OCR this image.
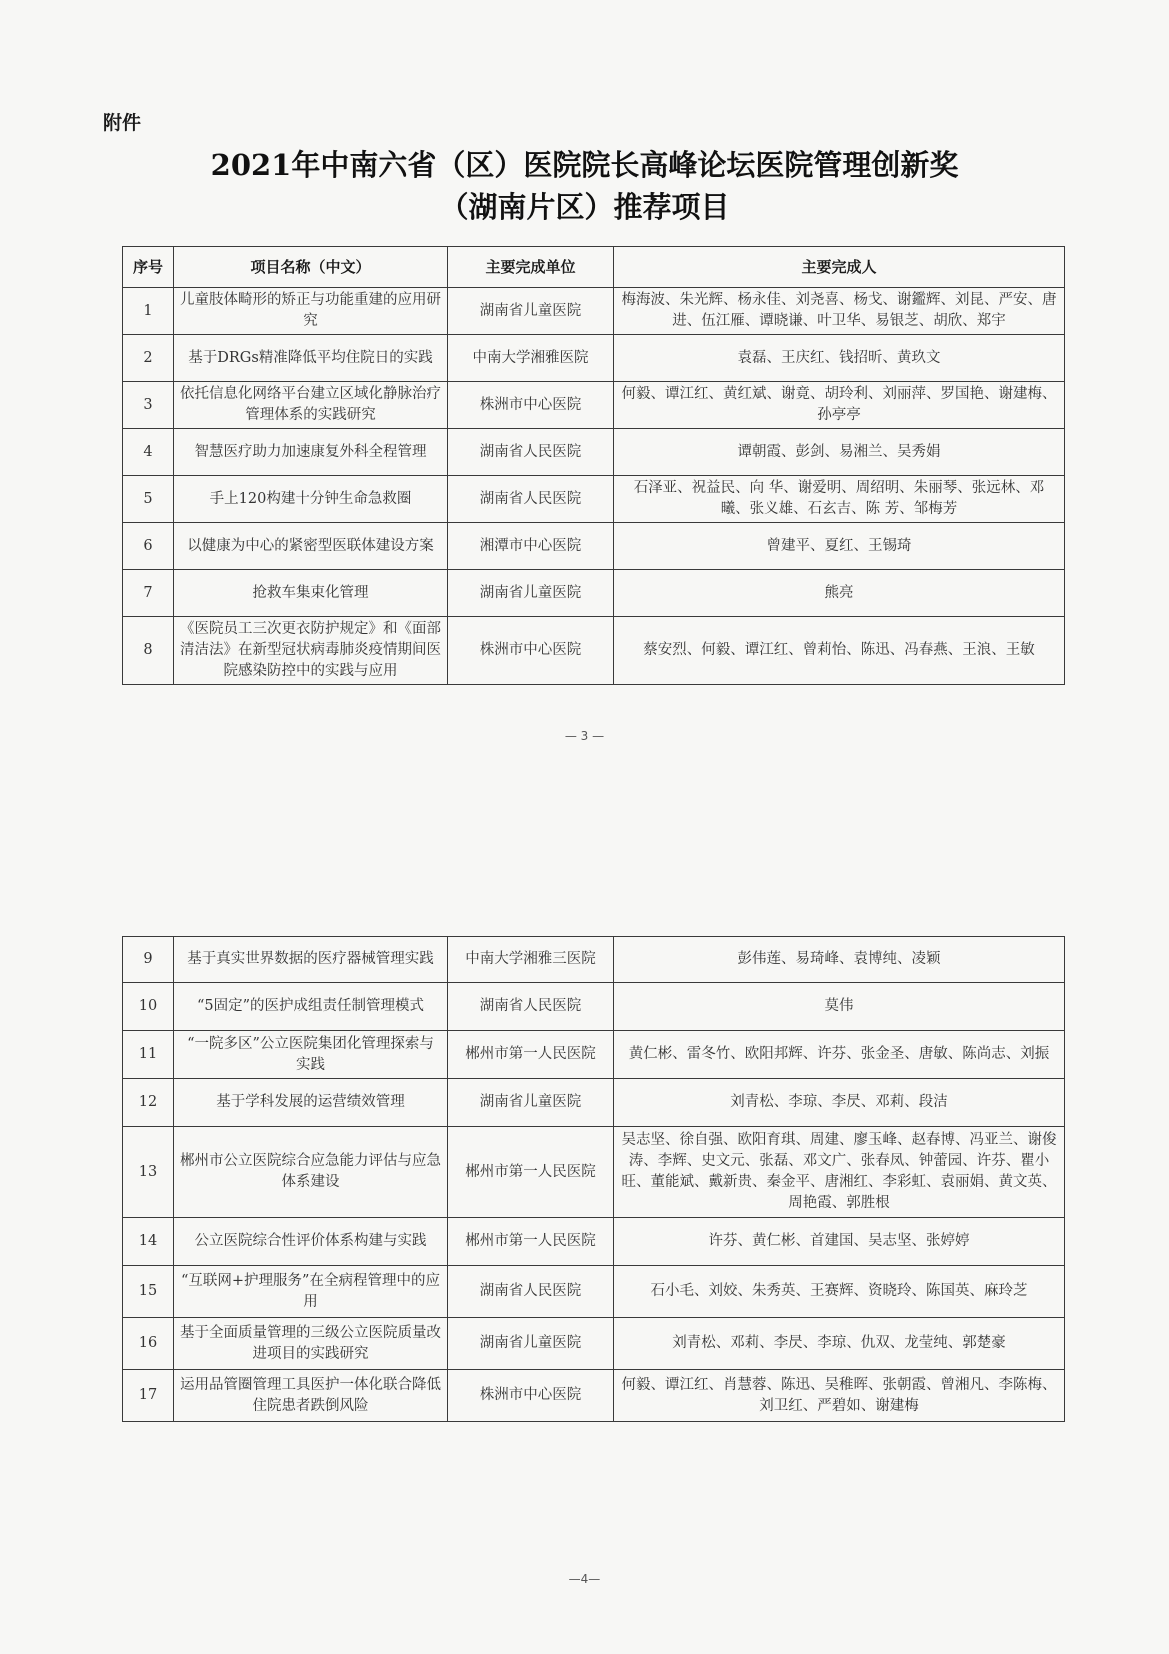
附件
2021年中南六省（区）医院院长高峰论坛医院管理创新奖
（湖南片区）推荐项目
序号	项目名称（中文）	主要完成单位	主要完成人
1	儿童肢体畸形的矫正与功能重建的应用研究	湖南省儿童医院	梅海波、朱光辉、杨永佳、刘尧喜、杨戈、谢鑑辉、刘昆、严安、唐进、伍江雁、谭晓谦、叶卫华、易银芝、胡欣、郑宇
2	基于DRGs精准降低平均住院日的实践	中南大学湘雅医院	袁磊、王庆红、钱招昕、黄玖文
3	依托信息化网络平台建立区域化静脉治疗管理体系的实践研究	株洲市中心医院	何毅、谭江红、黄红斌、谢竟、胡玲利、刘丽萍、罗国艳、谢建梅、孙亭亭
4	智慧医疗助力加速康复外科全程管理	湖南省人民医院	谭朝霞、彭剑、易湘兰、吴秀娟
5	手上120构建十分钟生命急救圈	湖南省人民医院	石泽亚、祝益民、向 华、谢爱明、周绍明、朱丽琴、张远林、邓 曦、张义雄、石玄吉、陈 芳、邹梅芳
6	以健康为中心的紧密型医联体建设方案	湘潭市中心医院	曾建平、夏红、王锡琦
7	抢救车集束化管理	湖南省儿童医院	熊亮
8	《医院员工三次更衣防护规定》和《面部清洁法》在新型冠状病毒肺炎疫情期间医院感染防控中的实践与应用	株洲市中心医院	蔡安烈、何毅、谭江红、曾莉怡、陈迅、冯春燕、王浪、王敏
— 3 —
9	基于真实世界数据的医疗器械管理实践	中南大学湘雅三医院	彭伟莲、易琦峰、袁博纯、凌颖
10	“5固定”的医护成组责任制管理模式	湖南省人民医院	莫伟
11	“一院多区”公立医院集团化管理探索与实践	郴州市第一人民医院	黄仁彬、雷冬竹、欧阳邦辉、许芬、张金圣、唐敏、陈尚志、刘振
12	基于学科发展的运营绩效管理	湖南省儿童医院	刘青松、李琼、李昃、邓莉、段洁
13	郴州市公立医院综合应急能力评估与应急体系建设	郴州市第一人民医院	吴志坚、徐自强、欧阳育琪、周建、廖玉峰、赵春博、冯亚兰、谢俊涛、李辉、史文元、张磊、邓文广、张春凤、钟蕾园、许芬、瞿小旺、董能斌、戴新贵、秦金平、唐湘红、李彩虹、袁丽娟、黄文英、周艳霞、郭胜根
14	公立医院综合性评价体系构建与实践	郴州市第一人民医院	许芬、黄仁彬、首建国、吴志坚、张婷婷
15	“互联网+护理服务”在全病程管理中的应用	湖南省人民医院	石小毛、刘姣、朱秀英、王赛辉、资晓玲、陈国英、麻玲芝
16	基于全面质量管理的三级公立医院质量改进项目的实践研究	湖南省儿童医院	刘青松、邓莉、李昃、李琼、仇双、龙莹纯、郭楚豪
17	运用品管圈管理工具医护一体化联合降低住院患者跌倒风险	株洲市中心医院	何毅、谭江红、肖慧蓉、陈迅、吴稚晖、张朝霞、曾湘凡、李陈梅、刘卫红、严碧如、谢建梅
—4—
